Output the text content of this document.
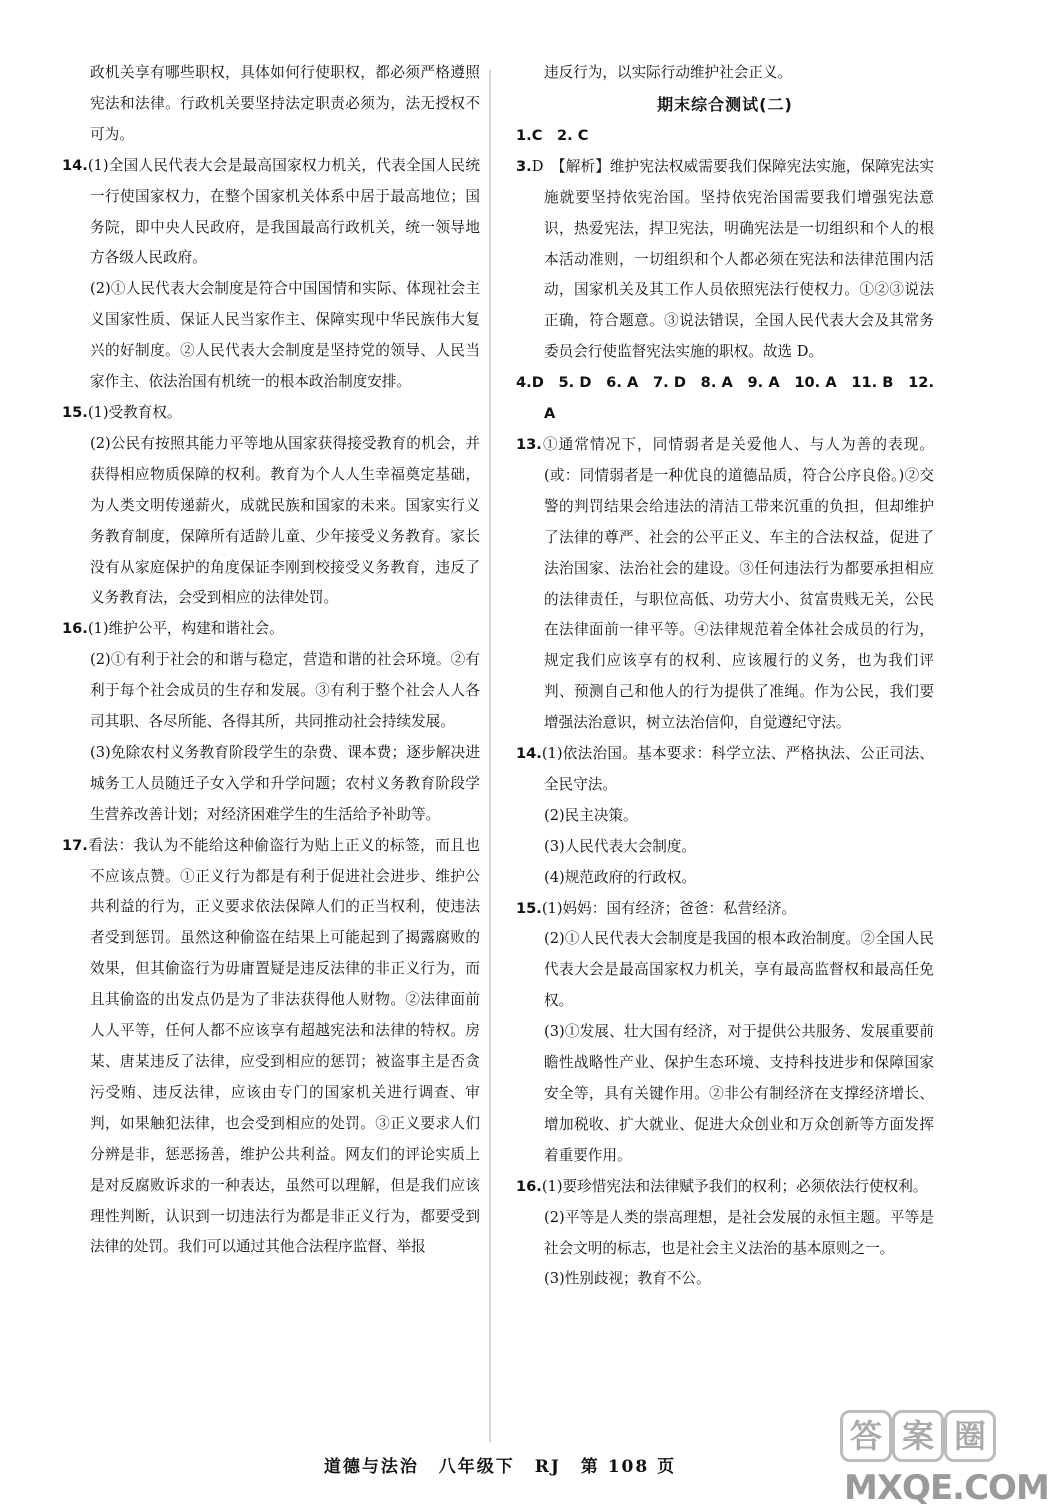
政机关享有哪些职权，具体如何行使职权，都必须严格遵照宪法和法律。行政机关要坚持法定职责必须为，法无授权不可为。

14.(1)全国人民代表大会是最高国家权力机关，代表全国人民统一行使国家权力，在整个国家机关体系中居于最高地位；国务院，即中央人民政府，是我国最高行政机关，统一领导地方各级人民政府。

(2)①人民代表大会制度是符合中国国情和实际、体现社会主义国家性质、保证人民当家作主、保障实现中华民族伟大复兴的好制度。②人民代表大会制度是坚持党的领导、人民当家作主、依法治国有机统一的根本政治制度安排。

15.(1)受教育权。

(2)公民有按照其能力平等地从国家获得接受教育的机会，并获得相应物质保障的权利。教育为个人人生幸福奠定基础，为人类文明传递薪火，成就民族和国家的未来。国家实行义务教育制度，保障所有适龄儿童、少年接受义务教育。家长没有从家庭保护的角度保证李刚到校接受义务教育，违反了义务教育法，会受到相应的法律处罚。

16.(1)维护公平，构建和谐社会。

(2)①有利于社会的和谐与稳定，营造和谐的社会环境。②有利于每个社会成员的生存和发展。③有利于整个社会人人各司其职、各尽所能、各得其所，共同推动社会持续发展。

(3)免除农村义务教育阶段学生的杂费、课本费；逐步解决进城务工人员随迁子女入学和升学问题；农村义务教育阶段学生营养改善计划；对经济困难学生的生活给予补助等。

17.看法：我认为不能给这种偷盗行为贴上正义的标签，而且也不应该点赞。①正义行为都是有利于促进社会进步、维护公共利益的行为，正义要求依法保障人们的正当权利，使违法者受到惩罚。虽然这种偷盗在结果上可能起到了揭露腐败的效果，但其偷盗行为毋庸置疑是违反法律的非正义行为，而且其偷盗的出发点仍是为了非法获得他人财物。②法律面前人人平等，任何人都不应该享有超越宪法和法律的特权。房某、唐某违反了法律，应受到相应的惩罚；被盗事主是否贪污受贿、违反法律，应该由专门的国家机关进行调查、审判，如果触犯法律，也会受到相应的处罚。③正义要求人们分辨是非，惩恶扬善，维护公共利益。网友们的评论实质上是对反腐败诉求的一种表达，虽然可以理解，但是我们应该理性判断，认识到一切违法行为都是非正义行为，都要受到法律的处罚。我们可以通过其他合法程序监督、举报

违反行为，以实际行动维护社会正义。

期末综合测试(二)

1.C　2. C

3.D　【解析】维护宪法权威需要我们保障宪法实施，保障宪法实施就要坚持依宪治国。坚持依宪治国需要我们增强宪法意识，热爱宪法，捍卫宪法，明确宪法是一切组织和个人的根本活动准则，一切组织和个人都必须在宪法和法律范围内活动，国家机关及其工作人员依照宪法行使权力。①②③说法正确，符合题意。③说法错误，全国人民代表大会及其常务委员会行使监督宪法实施的职权。故选 D。

4.D　5. D　6. A　7. D　8. A　9. A　10. A　11. B　12. A

13.①通常情况下，同情弱者是关爱他人、与人为善的表现。(或：同情弱者是一种优良的道德品质，符合公序良俗。)②交警的判罚结果会给违法的清洁工带来沉重的负担，但却维护了法律的尊严、社会的公平正义、车主的合法权益，促进了法治国家、法治社会的建设。③任何违法行为都要承担相应的法律责任，与职位高低、功劳大小、贫富贵贱无关，公民在法律面前一律平等。④法律规范着全体社会成员的行为，规定我们应该享有的权利、应该履行的义务，也为我们评判、预测自己和他人的行为提供了准绳。作为公民，我们要增强法治意识，树立法治信仰，自觉遵纪守法。

14.(1)依法治国。基本要求：科学立法、严格执法、公正司法、全民守法。

(2)民主决策。

(3)人民代表大会制度。

(4)规范政府的行政权。

15.(1)妈妈：国有经济；爸爸：私营经济。

(2)①人民代表大会制度是我国的根本政治制度。②全国人民代表大会是最高国家权力机关，享有最高监督权和最高任免权。

(3)①发展、壮大国有经济，对于提供公共服务、发展重要前瞻性战略性产业、保护生态环境、支持科技进步和保障国家安全等，具有关键作用。②非公有制经济在支撑经济增长、增加税收、扩大就业、促进大众创业和万众创新等方面发挥着重要作用。

16.(1)要珍惜宪法和法律赋予我们的权利；必须依法行使权利。

(2)平等是人类的崇高理想，是社会发展的永恒主题。平等是社会文明的标志，也是社会主义法治的基本原则之一。

(3)性别歧视；教育不公。

道德与法治 八年级下 RJ 第 108 页
答 案 圈
MXQE.COM
